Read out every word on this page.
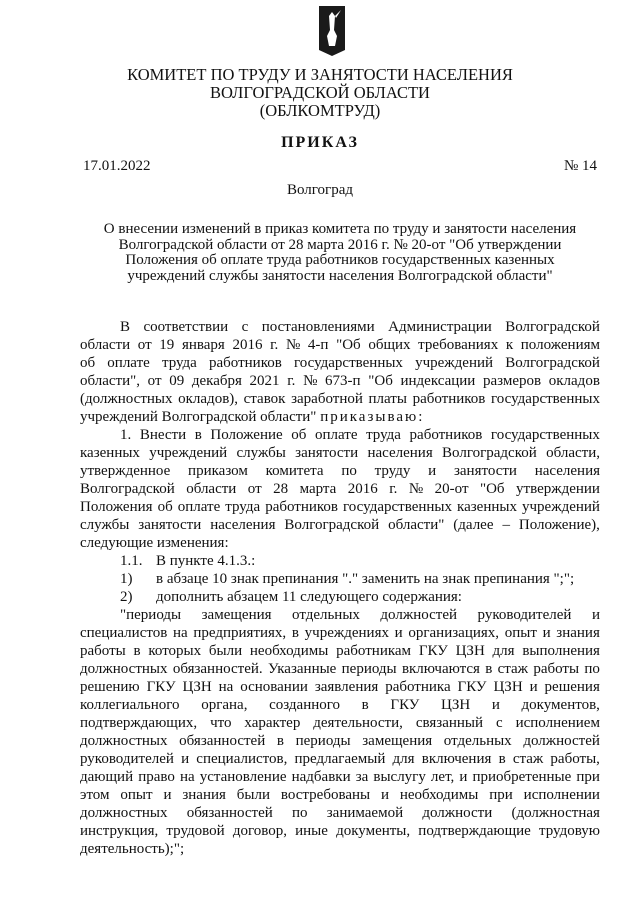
КОМИТЕТ ПО ТРУДУ И ЗАНЯТОСТИ НАСЕЛЕНИЯ
ВОЛГОГРАДСКОЙ ОБЛАСТИ
(ОБЛКОМТРУД)
ПРИКАЗ
17.01.2022	№ 14
Волгоград
О внесении изменений в приказ комитета по труду и занятости населения
Волгоградской области от 28 марта 2016 г. № 20-от "Об утверждении
Положения об оплате труда работников государственных казенных
учреждений службы занятости населения Волгоградской области"
В соответствии с постановлениями Администрации Волгоградской
области от 19 января 2016 г. № 4-п "Об общих требованиях к положениям
об оплате труда работников государственных учреждений Волгоградской
области", от 09 декабря 2021 г. № 673-п "Об индексации размеров окладов
(должностных окладов), ставок заработной платы работников государственных
учреждений Волгоградской области" приказываю:
1. Внести в Положение об оплате труда работников государственных
казенных учреждений службы занятости населения Волгоградской области,
утвержденное приказом комитета по труду и занятости населения
Волгоградской области от 28 марта 2016 г. № 20-от "Об утверждении
Положения об оплате труда работников государственных казенных учреждений
службы занятости населения Волгоградской области" (далее – Положение),
следующие изменения:
1.1. В пункте 4.1.3.:
1) в абзаце 10 знак препинания "." заменить на знак препинания ";";
2) дополнить абзацем 11 следующего содержания:
"периоды замещения отдельных должностей руководителей и
специалистов на предприятиях, в учреждениях и организациях, опыт и знания
работы в которых были необходимы работникам ГКУ ЦЗН для выполнения
должностных обязанностей. Указанные периоды включаются в стаж работы по
решению ГКУ ЦЗН на основании заявления работника ГКУ ЦЗН и решения
коллегиального органа, созданного в ГКУ ЦЗН и документов,
подтверждающих, что характер деятельности, связанный с исполнением
должностных обязанностей в периоды замещения отдельных должностей
руководителей и специалистов, предлагаемый для включения в стаж работы,
дающий право на установление надбавки за выслугу лет, и приобретенные при
этом опыт и знания были востребованы и необходимы при исполнении
должностных обязанностей по занимаемой должности (должностная
инструкция, трудовой договор, иные документы, подтверждающие трудовую
деятельность);";
